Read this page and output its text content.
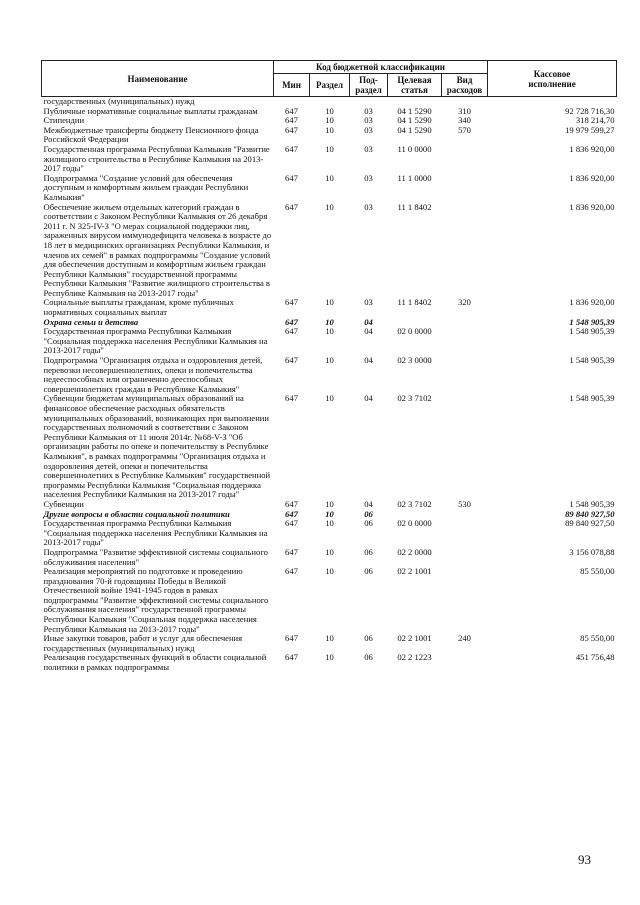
Наименование	Код бюджетной классификации					Кассовое
исполнение
	Мин	Раздел	Под-
раздел	Целевая
статья	Вид
расходов	
государственных (муниципальных) нужд						
Публичные нормативные социальные выплаты гражданам	647	10	03	04 1 5290	310	92 728 716,30
Стипендии	647	10	03	04 1 5290	340	318 214,70
Межбюджетные трансферты бюджету Пенсионного фонда Российской Федерации	647	10	03	04 1 5290	570	19 979 599,27
Государственная программа Республики Калмыкия "Развитие жилищного строительства в Республике Калмыкия на 2013-2017 годы"	647	10	03	11 0 0000		1 836 920,00
Подпрограмма "Создание условий для обеспечения доступным и комфортным жильем граждан Республики Калмыкия"	647	10	03	11 1 0000		1 836 920,00
Обеспечение жильем отдельных категорий граждан в соответствии с Законом Республики Калмыкия от 26 декабря 2011 г. N 325-IV-З "О мерах социальной поддержки лиц, зараженных вирусом иммунодефицита человека в возрасте до 18 лет в медицинских организациях Республики Калмыкия, и членов их семей" в рамках подпрограммы "Создание условий для обеспечения доступным и комфортным жильем граждан Республики Калмыкия" государственной программы Республики Калмыкия "Развитие жилищного строительства в Республике Калмыкия на 2013-2017 годы"	647	10	03	11 1 8402		1 836 920,00
Социальные выплаты гражданам, кроме публичных нормативных социальных выплат	647	10	03	11 1 8402	320	1 836 920,00
Охрана семьи и детства	647	10	04			1 548 905,39
Государственная программа Республики Калмыкия "Социальная поддержка населения Республики Калмыкия на 2013-2017 годы"	647	10	04	02 0 0000		1 548 905,39
Подпрограмма "Организация отдыха и оздоровления детей, перевозки несовершеннолетних, опеки и попечительства недееспособных или ограниченно дееспособных совершеннолетних граждан в Республике Калмыкия"	647	10	04	02 3 0000		1 548 905,39
Субвенции бюджетам муниципальных образований на финансовое обеспечение расходных обязательств муниципальных образований, возникающих при выполнении государственных полномочий в соответствии с Законом Республики Калмыкия от 11 июля 2014г. №68-V-З "Об организации работы по опеке и попечительству в Республике Калмыкия", в рамках подпрограммы "Организация отдыха и оздоровления детей, опеки и попечительства совершеннолетних в Республике Калмыкия" государственной программы Республики Калмыкия "Социальная поддержка населения Республики Калмыкия на 2013-2017 годы"	647	10	04	02 3 7102		1 548 905,39
Субвенции	647	10	04	02 3 7102	530	1 548 905,39
Другие вопросы в области социальной политики	647	10	06			89 840 927,50
Государственная программа Республики Калмыкия "Социальная поддержка населения Республики Калмыкия на 2013-2017 годы"	647	10	06	02 0 0000		89 840 927,50
Подпрограмма "Развитие эффективной системы социального обслуживания населения"	647	10	06	02 2 0000		3 156 078,88
Реализация мероприятий по подготовке и проведению празднования 70-й годовщины Победы в Великой Отечественной войне 1941-1945 годов в рамках подпрограммы "Развитие эффективной системы социального обслуживания населения" государственной программы Республики Калмыкия "Социальная поддержка населения Республики Калмыкия на 2013-2017 годы"	647	10	06	02 2 1001		85 550,00
Иные закупки товаров, работ и услуг для обеспечения государственных (муниципальных) нужд	647	10	06	02 2 1001	240	85 550,00
Реализация государственных функций в области социальной политики в рамках подпрограммы	647	10	06	02 2 1223		451 756,48
93
